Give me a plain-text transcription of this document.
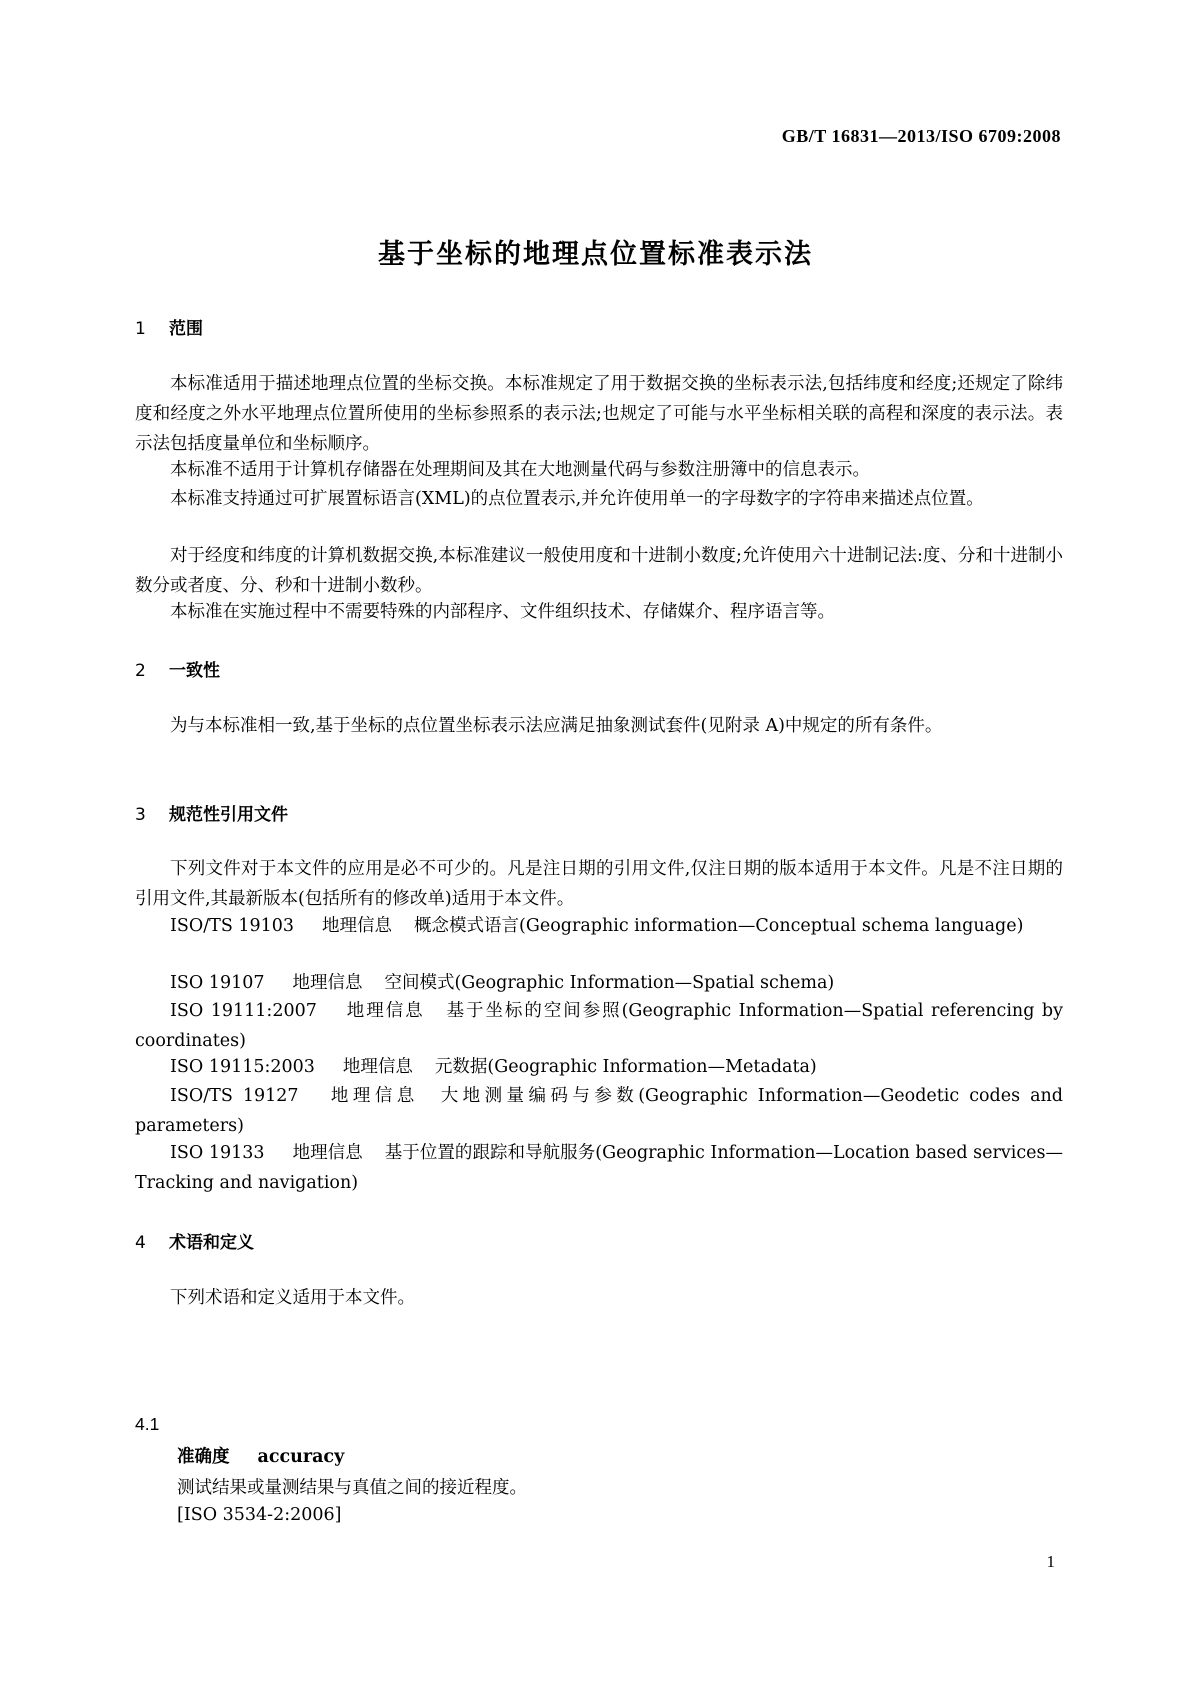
GB/T 16831—2013/ISO 6709:2008
基于坐标的地理点位置标准表示法
1 范围
本标准适用于描述地理点位置的坐标交换。本标准规定了用于数据交换的坐标表示法,包括纬度和经度;还规定了除纬度和经度之外水平地理点位置所使用的坐标参照系的表示法;也规定了可能与水平坐标相关联的高程和深度的表示法。表示法包括度量单位和坐标顺序。
本标准不适用于计算机存储器在处理期间及其在大地测量代码与参数注册簿中的信息表示。
本标准支持通过可扩展置标语言(XML)的点位置表示,并允许使用单一的字母数字的字符串来描述点位置。
对于经度和纬度的计算机数据交换,本标准建议一般使用度和十进制小数度;允许使用六十进制记法:度、分和十进制小数分或者度、分、秒和十进制小数秒。
本标准在实施过程中不需要特殊的内部程序、文件组织技术、存储媒介、程序语言等。
2 一致性
为与本标准相一致,基于坐标的点位置坐标表示法应满足抽象测试套件(见附录 A)中规定的所有条件。
3 规范性引用文件
下列文件对于本文件的应用是必不可少的。凡是注日期的引用文件,仅注日期的版本适用于本文件。凡是不注日期的引用文件,其最新版本(包括所有的修改单)适用于本文件。
ISO/TS 19103 地理信息 概念模式语言(Geographic information—Conceptual schema language)
ISO 19107 地理信息 空间模式(Geographic Information—Spatial schema)
ISO 19111:2007 地理信息 基于坐标的空间参照(Geographic Information—Spatial referencing by coordinates)
ISO 19115:2003 地理信息 元数据(Geographic Information—Metadata)
ISO/TS 19127 地理信息 大地测量编码与参数(Geographic Information—Geodetic codes and parameters)
ISO 19133 地理信息 基于位置的跟踪和导航服务(Geographic Information—Location based services—Tracking and navigation)
4 术语和定义
下列术语和定义适用于本文件。
4.1
准确度 accuracy
测试结果或量测结果与真值之间的接近程度。
[ISO 3534-2:2006]
1
